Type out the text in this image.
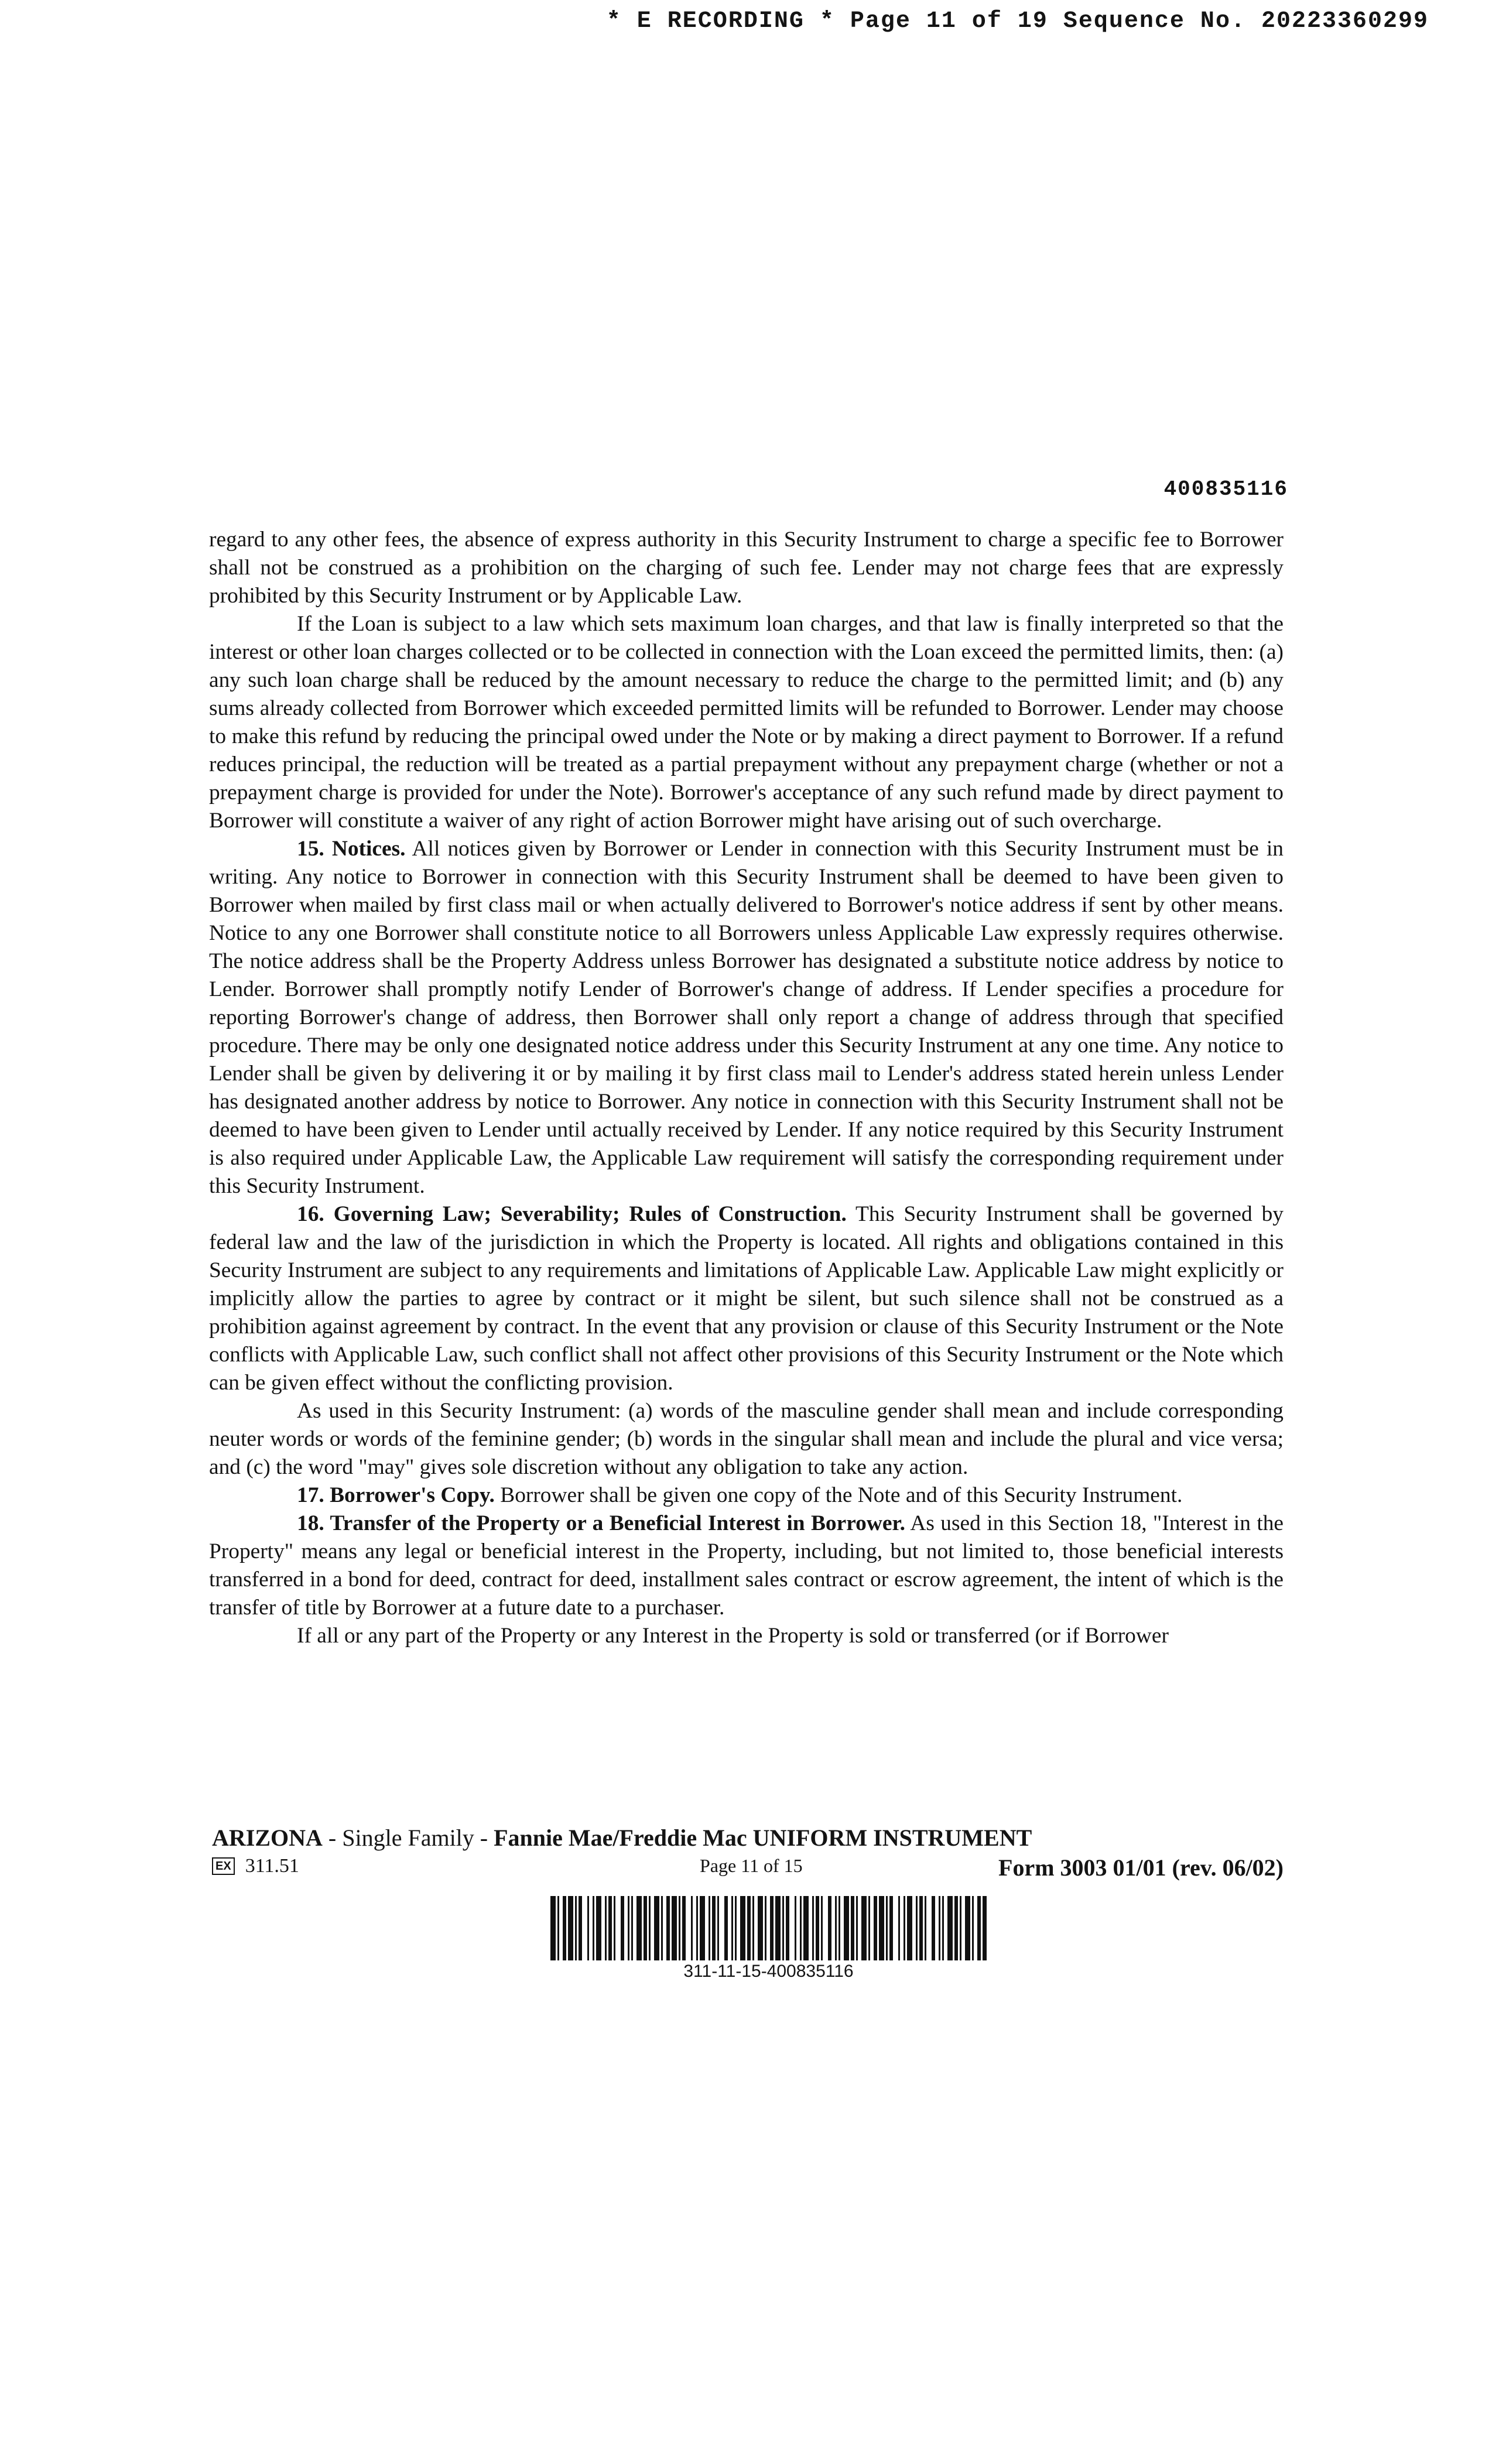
* E RECORDING * Page 11 of 19 Sequence No. 20223360299
400835116

regard to any other fees, the absence of express authority in this Security Instrument to charge a specific fee to Borrower shall not be construed as a prohibition on the charging of such fee. Lender may not charge fees that are expressly prohibited by this Security Instrument or by Applicable Law.

If the Loan is subject to a law which sets maximum loan charges, and that law is finally interpreted so that the interest or other loan charges collected or to be collected in connection with the Loan exceed the permitted limits, then: (a) any such loan charge shall be reduced by the amount necessary to reduce the charge to the permitted limit; and (b) any sums already collected from Borrower which exceeded permitted limits will be refunded to Borrower. Lender may choose to make this refund by reducing the principal owed under the Note or by making a direct payment to Borrower. If a refund reduces principal, the reduction will be treated as a partial prepayment without any prepayment charge (whether or not a prepayment charge is provided for under the Note). Borrower's acceptance of any such refund made by direct payment to Borrower will constitute a waiver of any right of action Borrower might have arising out of such overcharge.

15. Notices. All notices given by Borrower or Lender in connection with this Security Instrument must be in writing. Any notice to Borrower in connection with this Security Instrument shall be deemed to have been given to Borrower when mailed by first class mail or when actually delivered to Borrower's notice address if sent by other means. Notice to any one Borrower shall constitute notice to all Borrowers unless Applicable Law expressly requires otherwise. The notice address shall be the Property Address unless Borrower has designated a substitute notice address by notice to Lender. Borrower shall promptly notify Lender of Borrower's change of address. If Lender specifies a procedure for reporting Borrower's change of address, then Borrower shall only report a change of address through that specified procedure. There may be only one designated notice address under this Security Instrument at any one time. Any notice to Lender shall be given by delivering it or by mailing it by first class mail to Lender's address stated herein unless Lender has designated another address by notice to Borrower. Any notice in connection with this Security Instrument shall not be deemed to have been given to Lender until actually received by Lender. If any notice required by this Security Instrument is also required under Applicable Law, the Applicable Law requirement will satisfy the corresponding requirement under this Security Instrument.

16. Governing Law; Severability; Rules of Construction. This Security Instrument shall be governed by federal law and the law of the jurisdiction in which the Property is located. All rights and obligations contained in this Security Instrument are subject to any requirements and limitations of Applicable Law. Applicable Law might explicitly or implicitly allow the parties to agree by contract or it might be silent, but such silence shall not be construed as a prohibition against agreement by contract. In the event that any provision or clause of this Security Instrument or the Note conflicts with Applicable Law, such conflict shall not affect other provisions of this Security Instrument or the Note which can be given effect without the conflicting provision.

As used in this Security Instrument: (a) words of the masculine gender shall mean and include corresponding neuter words or words of the feminine gender; (b) words in the singular shall mean and include the plural and vice versa; and (c) the word "may" gives sole discretion without any obligation to take any action.

17. Borrower's Copy. Borrower shall be given one copy of the Note and of this Security Instrument.

18. Transfer of the Property or a Beneficial Interest in Borrower. As used in this Section 18, "Interest in the Property" means any legal or beneficial interest in the Property, including, but not limited to, those beneficial interests transferred in a bond for deed, contract for deed, installment sales contract or escrow agreement, the intent of which is the transfer of title by Borrower at a future date to a purchaser.

If all or any part of the Property or any Interest in the Property is sold or transferred (or if Borrower

ARIZONA - Single Family - Fannie Mae/Freddie Mac UNIFORM INSTRUMENT
EX 311.51	Page 11 of 15	Form 3003 01/01 (rev. 06/02)
311-11-15-400835116
